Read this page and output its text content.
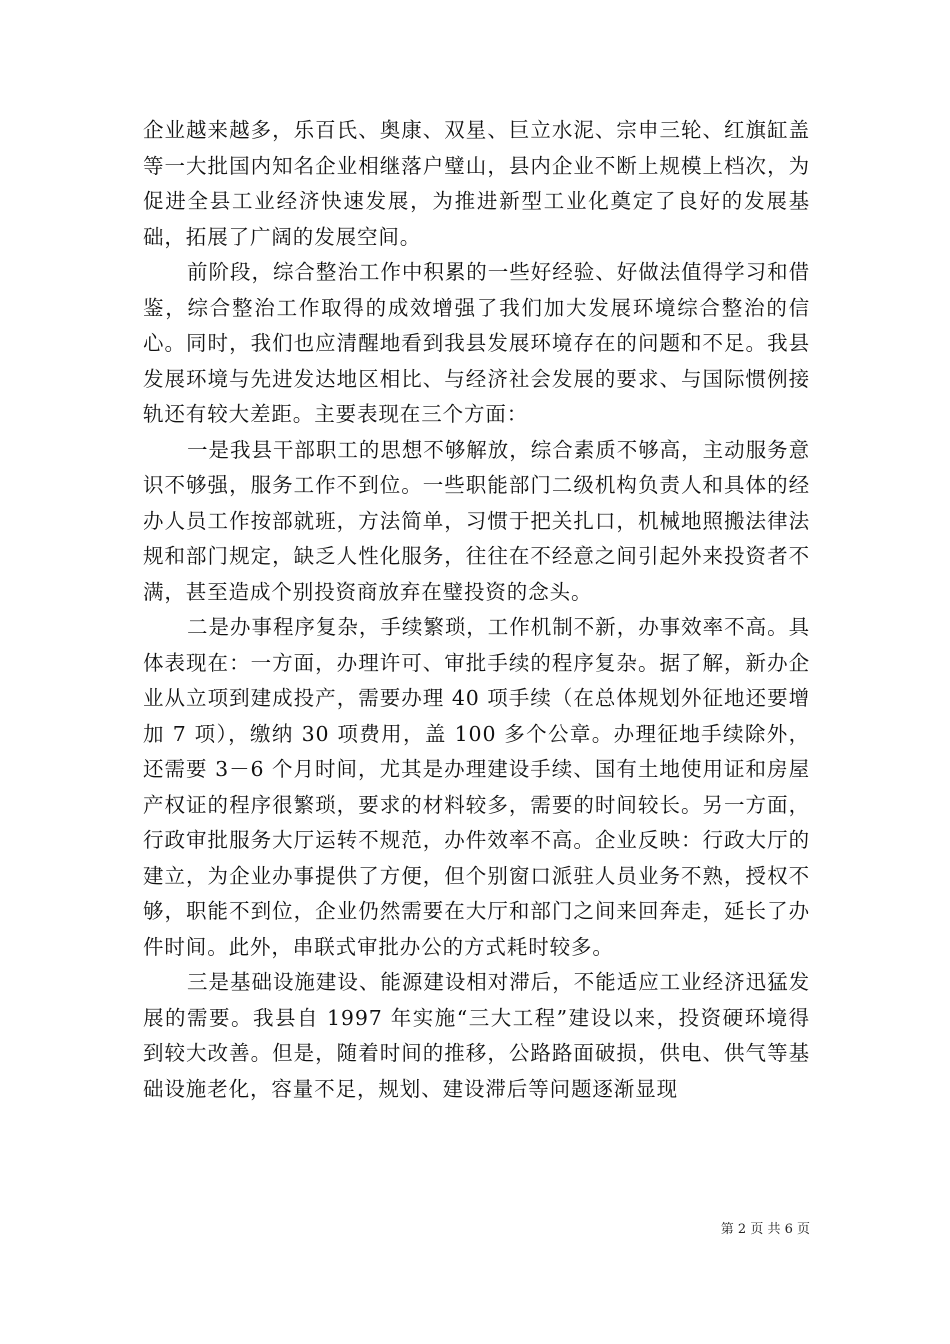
企业越来越多，乐百氏、奥康、双星、巨立水泥、宗申三轮、红旗缸盖等一大批国内知名企业相继落户璧山，县内企业不断上规模上档次，为促进全县工业经济快速发展，为推进新型工业化奠定了良好的发展基础，拓展了广阔的发展空间。

前阶段，综合整治工作中积累的一些好经验、好做法值得学习和借鉴，综合整治工作取得的成效增强了我们加大发展环境综合整治的信心。同时，我们也应清醒地看到我县发展环境存在的问题和不足。我县发展环境与先进发达地区相比、与经济社会发展的要求、与国际惯例接轨还有较大差距。主要表现在三个方面：

一是我县干部职工的思想不够解放，综合素质不够高，主动服务意识不够强，服务工作不到位。一些职能部门二级机构负责人和具体的经办人员工作按部就班，方法简单，习惯于把关扎口，机械地照搬法律法规和部门规定，缺乏人性化服务，往往在不经意之间引起外来投资者不满，甚至造成个别投资商放弃在璧投资的念头。

二是办事程序复杂，手续繁琐，工作机制不新，办事效率不高。具体表现在：一方面，办理许可、审批手续的程序复杂。据了解，新办企业从立项到建成投产，需要办理 40 项手续（在总体规划外征地还要增加 7 项），缴纳 30 项费用，盖 100 多个公章。办理征地手续除外，还需要 3－6 个月时间，尤其是办理建设手续、国有土地使用证和房屋产权证的程序很繁琐，要求的材料较多，需要的时间较长。另一方面，行政审批服务大厅运转不规范，办件效率不高。企业反映：行政大厅的建立，为企业办事提供了方便，但个别窗口派驻人员业务不熟，授权不够，职能不到位，企业仍然需要在大厅和部门之间来回奔走，延长了办件时间。此外，串联式审批办公的方式耗时较多。

三是基础设施建设、能源建设相对滞后，不能适应工业经济迅猛发展的需要。我县自 1997 年实施“三大工程”建设以来，投资硬环境得到较大改善。但是，随着时间的推移，公路路面破损，供电、供气等基础设施老化，容量不足，规划、建设滞后等问题逐渐显现

第 2 页 共 6 页
